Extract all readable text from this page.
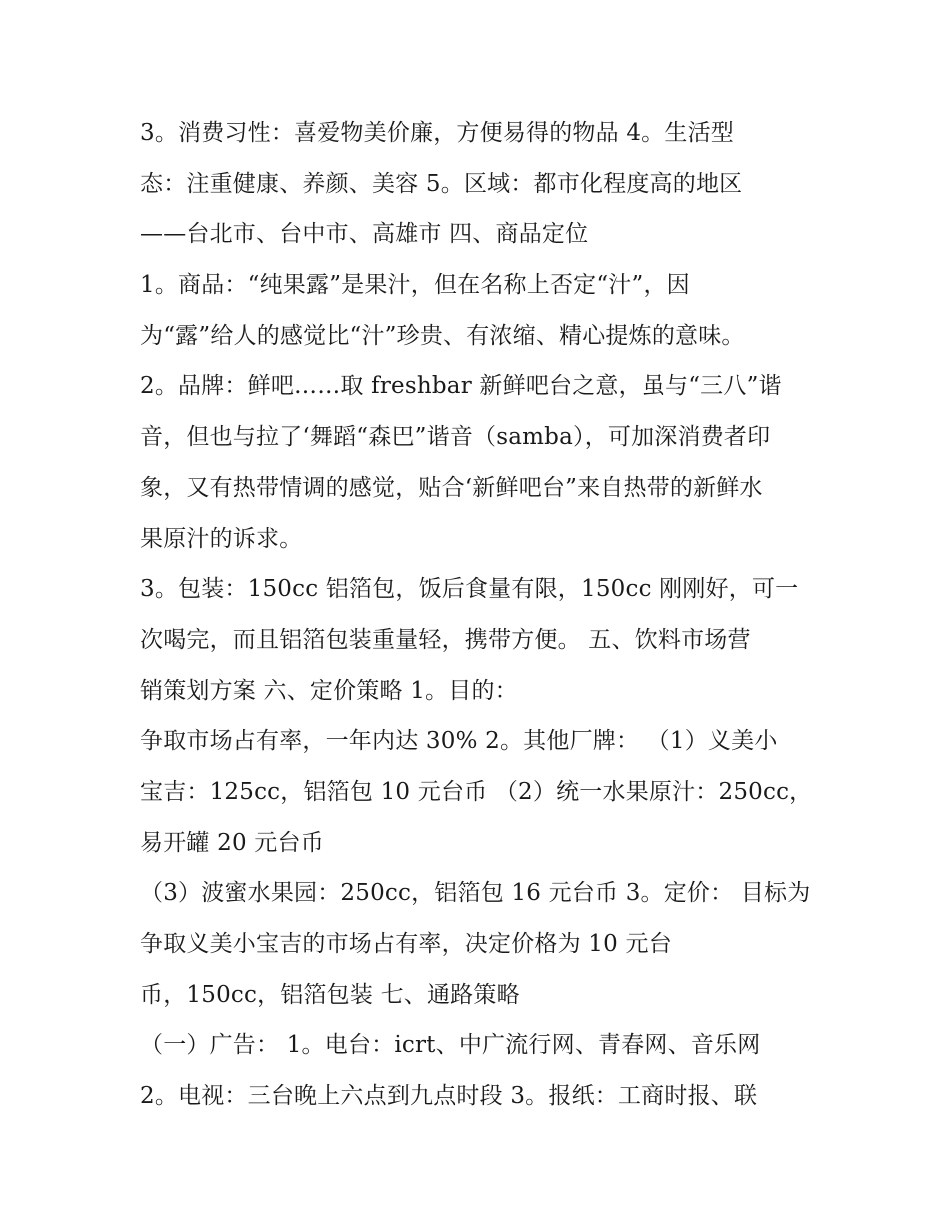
3。消费习性：喜爱物美价廉，方便易得的物品 4。生活型
态：注重健康、养颜、美容 5。区域：都市化程度高的地区
——台北市、台中市、高雄市 四、商品定位
1。商品：“纯果露”是果汁，但在名称上否定“汁”，因
为“露”给人的感觉比“汁”珍贵、有浓缩、精心提炼的意味。
2。品牌：鲜吧……取 freshbar 新鲜吧台之意，虽与“三八”谐
音，但也与拉了‘舞蹈“森巴”谐音（samba），可加深消费者印
象，又有热带情调的感觉，贴合‘新鲜吧台”来自热带的新鲜水
果原汁的诉求。
3。包装：150cc 铝箔包，饭后食量有限，150cc 刚刚好，可一
次喝完，而且铝箔包装重量轻，携带方便。 五、饮料市场营
销策划方案 六、定价策略 1。目的：
争取市场占有率，一年内达 30% 2。其他厂牌： （1）义美小
宝吉：125cc，铝箔包 10 元台币 （2）统一水果原汁：250cc，
易开罐 20 元台币
（3）波蜜水果园：250cc，铝箔包 16 元台币 3。定价： 目标为
争取义美小宝吉的市场占有率，决定价格为 10 元台
币，150cc，铝箔包装 七、通路策略
（一）广告： 1。电台：icrt、中广流行网、青春网、音乐网
2。电视：三台晚上六点到九点时段 3。报纸：工商时报、联
